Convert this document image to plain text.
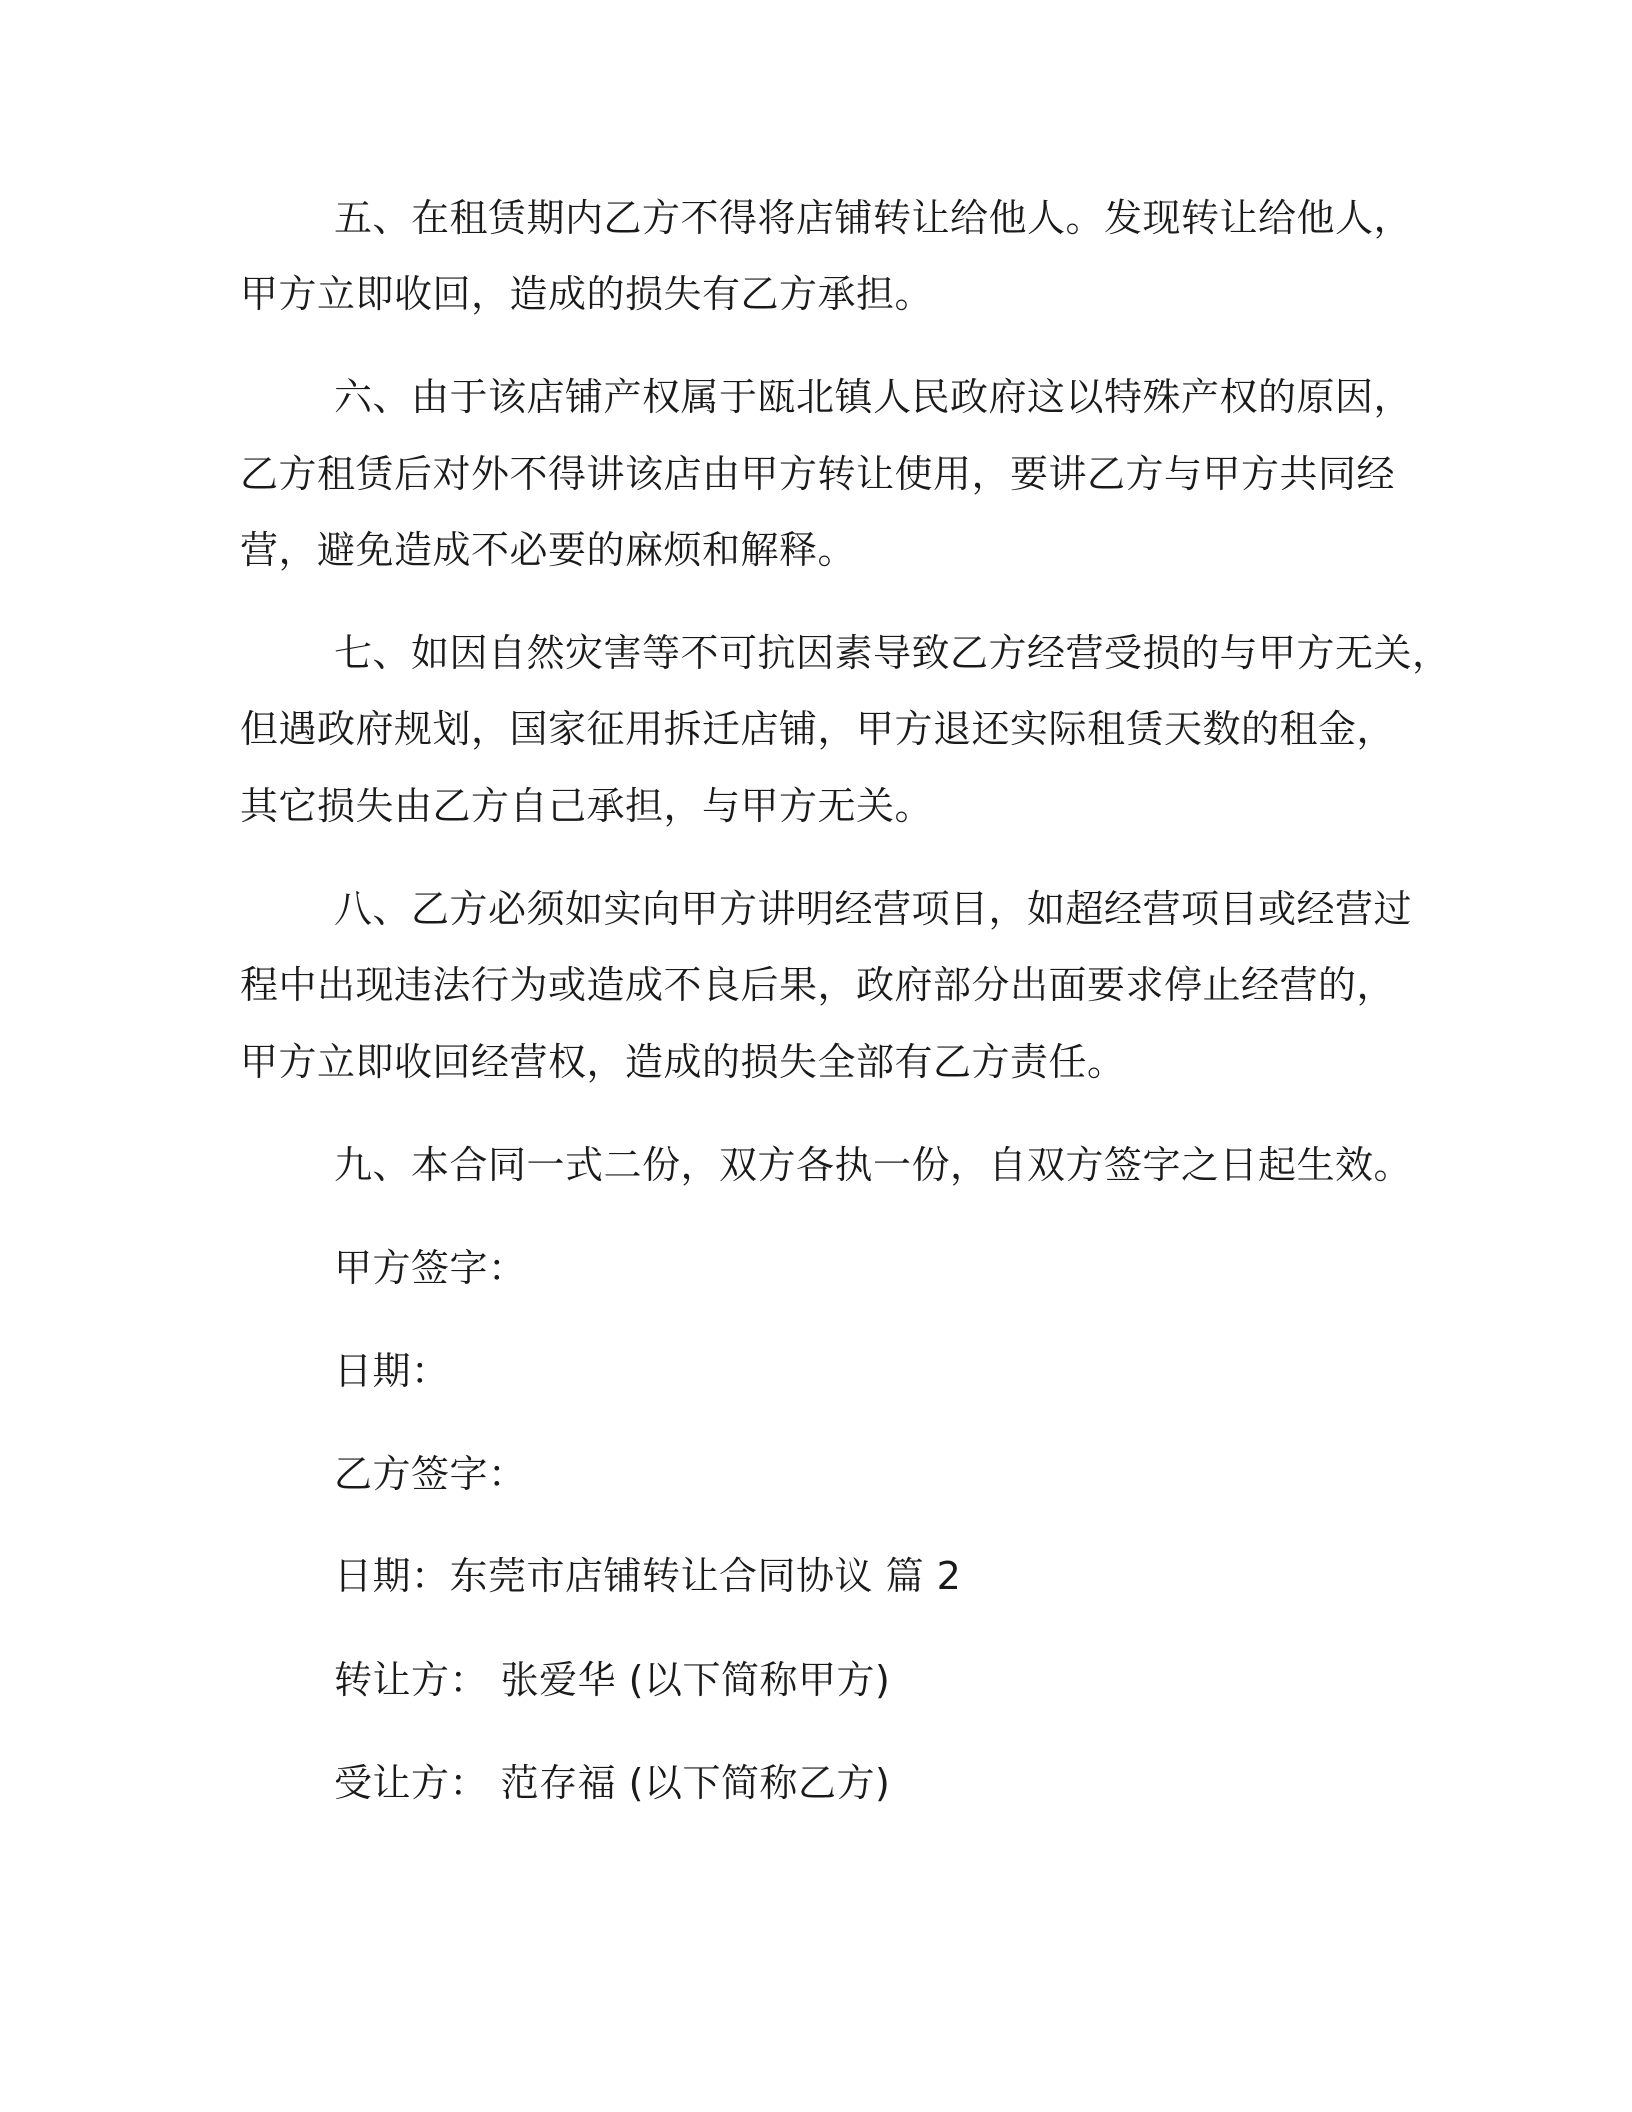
五、在租赁期内乙方不得将店铺转让给他人。发现转让给他人，
甲方立即收回，造成的损失有乙方承担。
六、由于该店铺产权属于瓯北镇人民政府这以特殊产权的原因，
乙方租赁后对外不得讲该店由甲方转让使用，要讲乙方与甲方共同经
营，避免造成不必要的麻烦和解释。
七、如因自然灾害等不可抗因素导致乙方经营受损的与甲方无关，
但遇政府规划，国家征用拆迁店铺，甲方退还实际租赁天数的租金，
其它损失由乙方自己承担，与甲方无关。
八、乙方必须如实向甲方讲明经营项目，如超经营项目或经营过
程中出现违法行为或造成不良后果，政府部分出面要求停止经营的，
甲方立即收回经营权，造成的损失全部有乙方责任。
九、本合同一式二份，双方各执一份，自双方签字之日起生效。
甲方签字：
日期：
乙方签字：
日期：东莞市店铺转让合同协议 篇 2
转让方： 张爱华 (以下简称甲方)
受让方： 范存福 (以下简称乙方)
